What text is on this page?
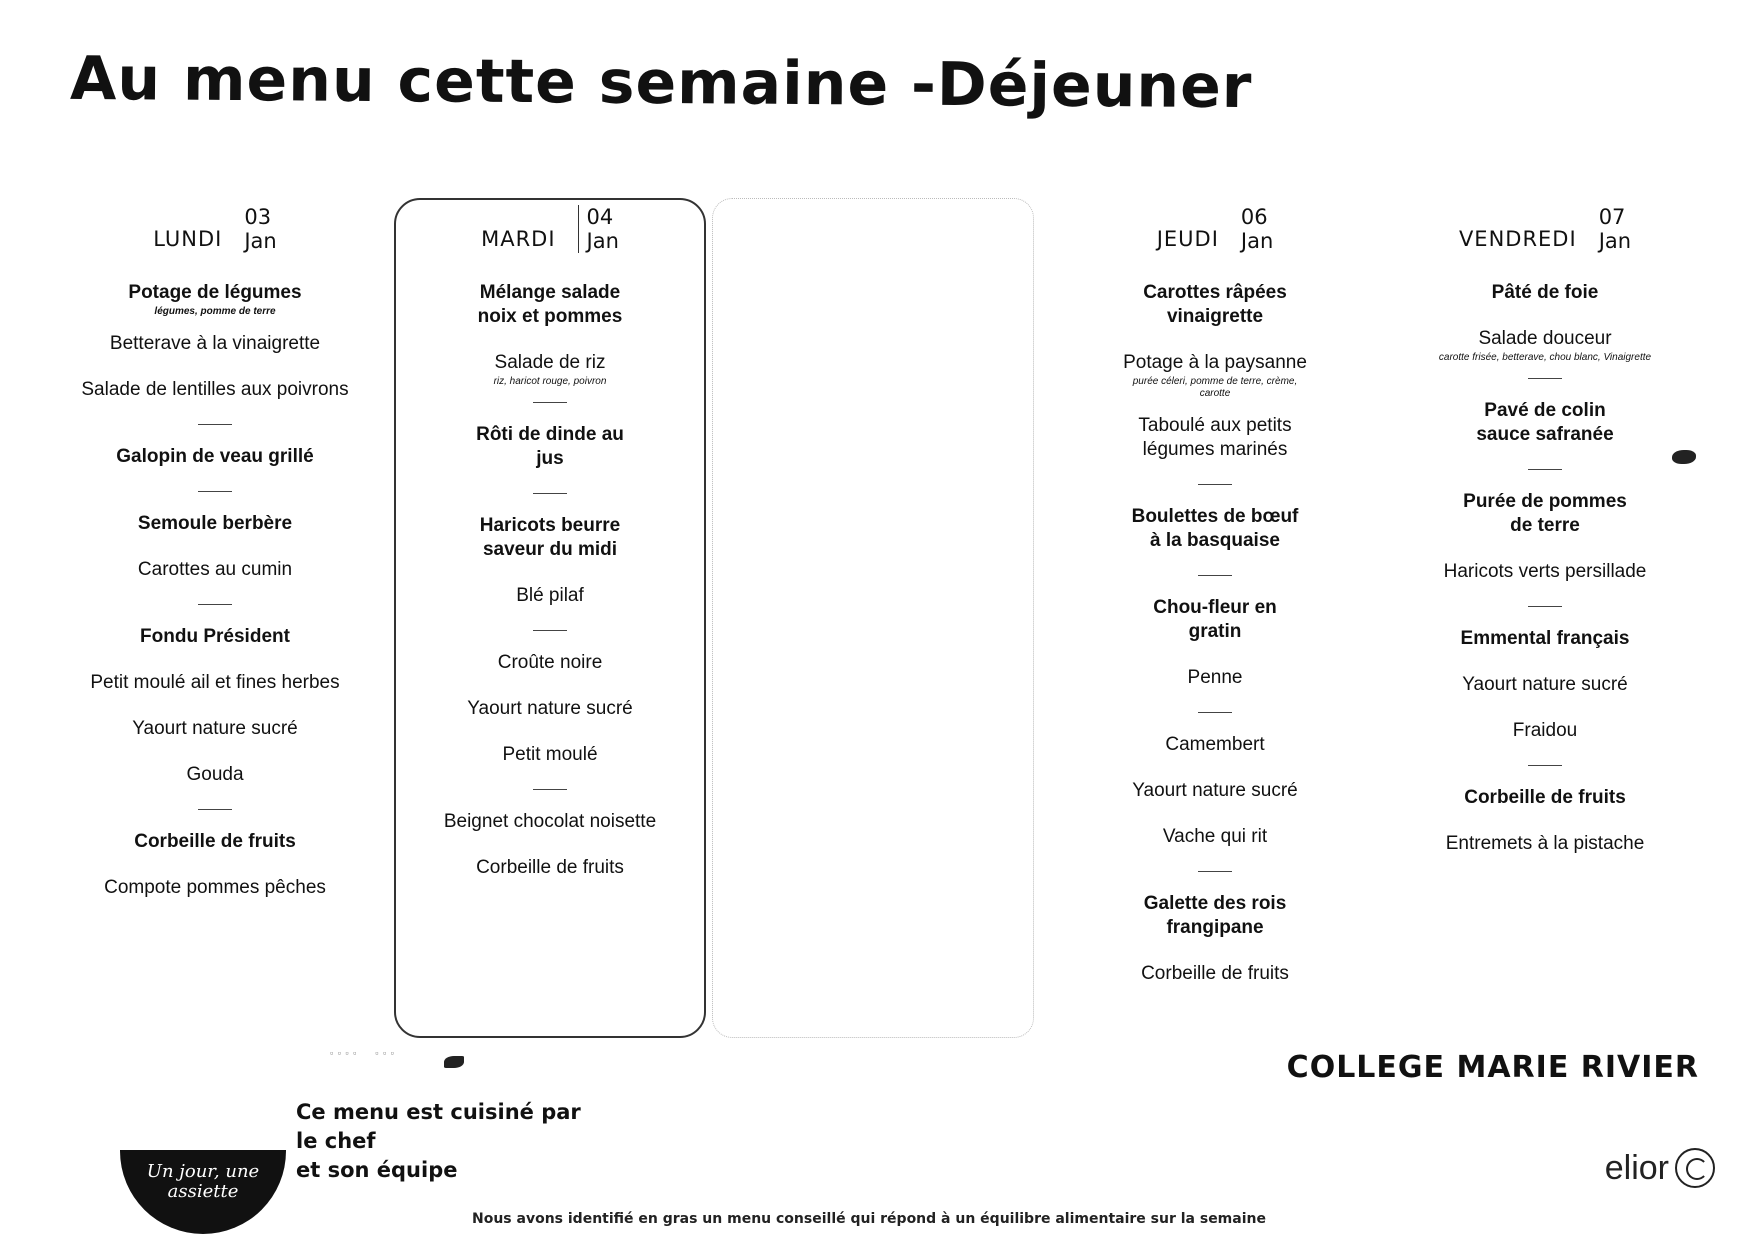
Au menu cette semaine -Déjeuner
LUNDI
03
Jan
Potage de légumes
légumes, pomme de terre
Betterave à la vinaigrette
Salade de lentilles aux poivrons
Galopin de veau grillé
Semoule berbère
Carottes au cumin
Fondu Président
Petit moulé ail et fines herbes
Yaourt nature sucré
Gouda
Corbeille de fruits
Compote pommes pêches
MARDI
04
Jan
Mélange salade noix et pommes
Salade de riz
riz, haricot rouge, poivron
Rôti de dinde au jus
Haricots beurre saveur du midi
Blé pilaf
Croûte noire
Yaourt nature sucré
Petit moulé
Beignet chocolat noisette
Corbeille de fruits
JEUDI
06
Jan
Carottes râpées vinaigrette
Potage à la paysanne
purée céleri, pomme de terre, crème, carotte
Taboulé aux petits légumes marinés
Boulettes de bœuf à la basquaise
Chou-fleur en gratin
Penne
Camembert
Yaourt nature sucré
Vache qui rit
Galette des rois frangipane
Corbeille de fruits
VENDREDI
07
Jan
Pâté de foie
Salade douceur
carotte frisée, betterave, chou blanc, Vinaigrette
Pavé de colin sauce safranée
Purée de pommes de terre
Haricots verts persillade
Emmental français
Yaourt nature sucré
Fraidou
Corbeille de fruits
Entremets à la pistache
▫ ▫ ▫ ▫ ▫ ▫ ▫
Un jour, une assiette
Ce menu est cuisiné par
le chef
et son équipe
COLLEGE MARIE RIVIER
elior
Nous avons identifié en gras un menu conseillé qui répond à un équilibre alimentaire sur la semaine
